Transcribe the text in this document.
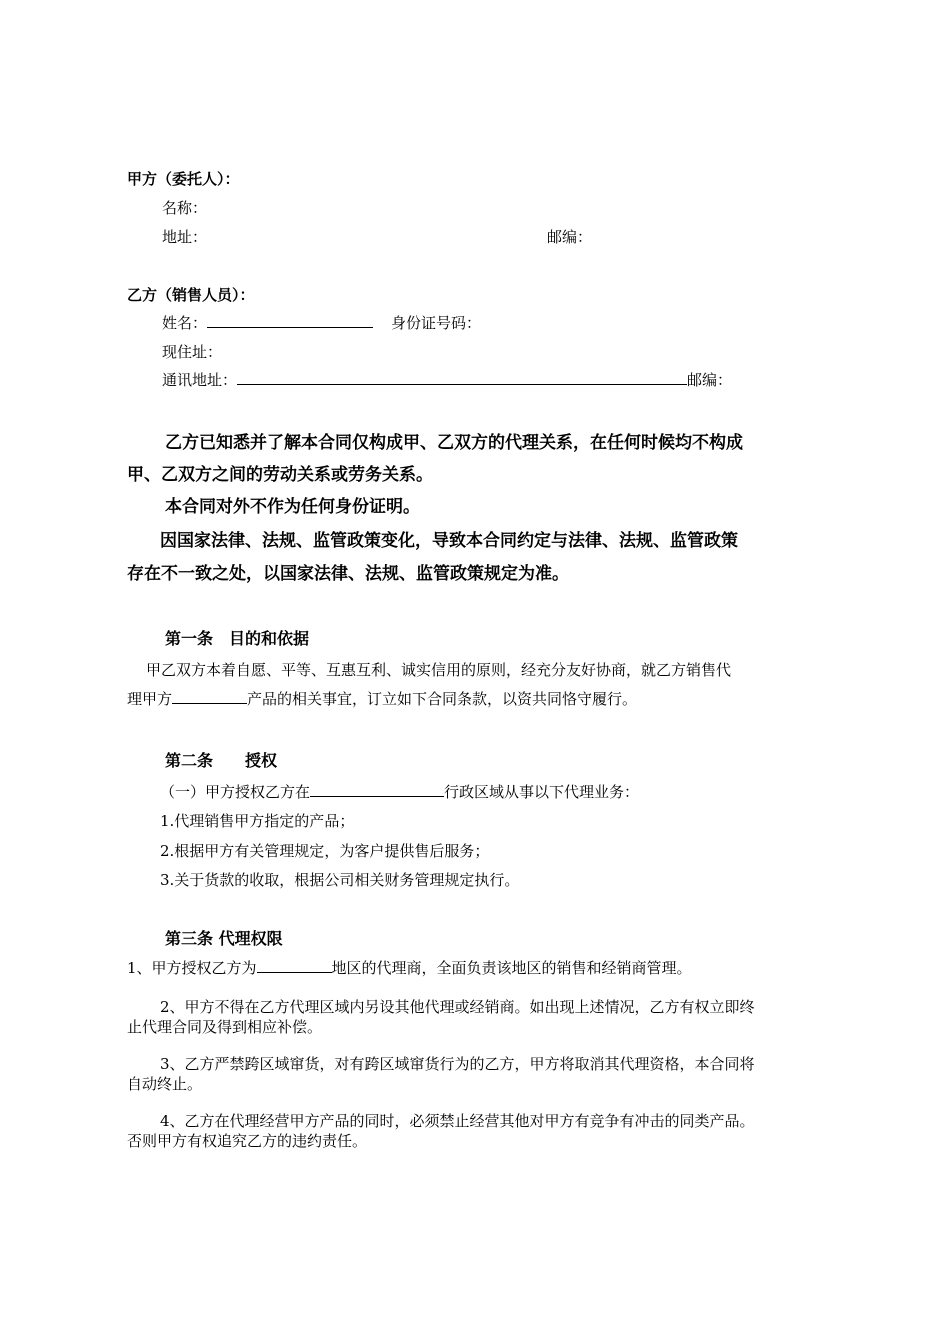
甲方（委托人）：
名称：
地址：	邮编：
乙方（销售人员）：
姓名：	身份证号码：
现住址：
通讯地址：	邮编：
乙方已知悉并了解本合同仅构成甲、乙双方的代理关系，在任何时候均不构成
甲、乙双方之间的劳动关系或劳务关系。
本合同对外不作为任何身份证明。
因国家法律、法规、监管政策变化，导致本合同约定与法律、法规、监管政策
存在不一致之处，以国家法律、法规、监管政策规定为准。
第一条　目的和依据
甲乙双方本着自愿、平等、互惠互利、诚实信用的原则，经充分友好协商，就乙方销售代
理甲方	产品的相关事宜，订立如下合同条款，以资共同恪守履行。
第二条　　授权
（一）甲方授权乙方在	行政区域从事以下代理业务：
1.代理销售甲方指定的产品；
2.根据甲方有关管理规定，为客户提供售后服务；
3.关于货款的收取，根据公司相关财务管理规定执行。
第三条 代理权限
1、甲方授权乙方为	地区的代理商，全面负责该地区的销售和经销商管理。
2、甲方不得在乙方代理区域内另设其他代理或经销商。如出现上述情况，乙方有权立即终
止代理合同及得到相应补偿。
3、乙方严禁跨区域窜货，对有跨区域窜货行为的乙方，甲方将取消其代理资格，本合同将
自动终止。
4、乙方在代理经营甲方产品的同时，必须禁止经营其他对甲方有竞争有冲击的同类产品。
否则甲方有权追究乙方的违约责任。
